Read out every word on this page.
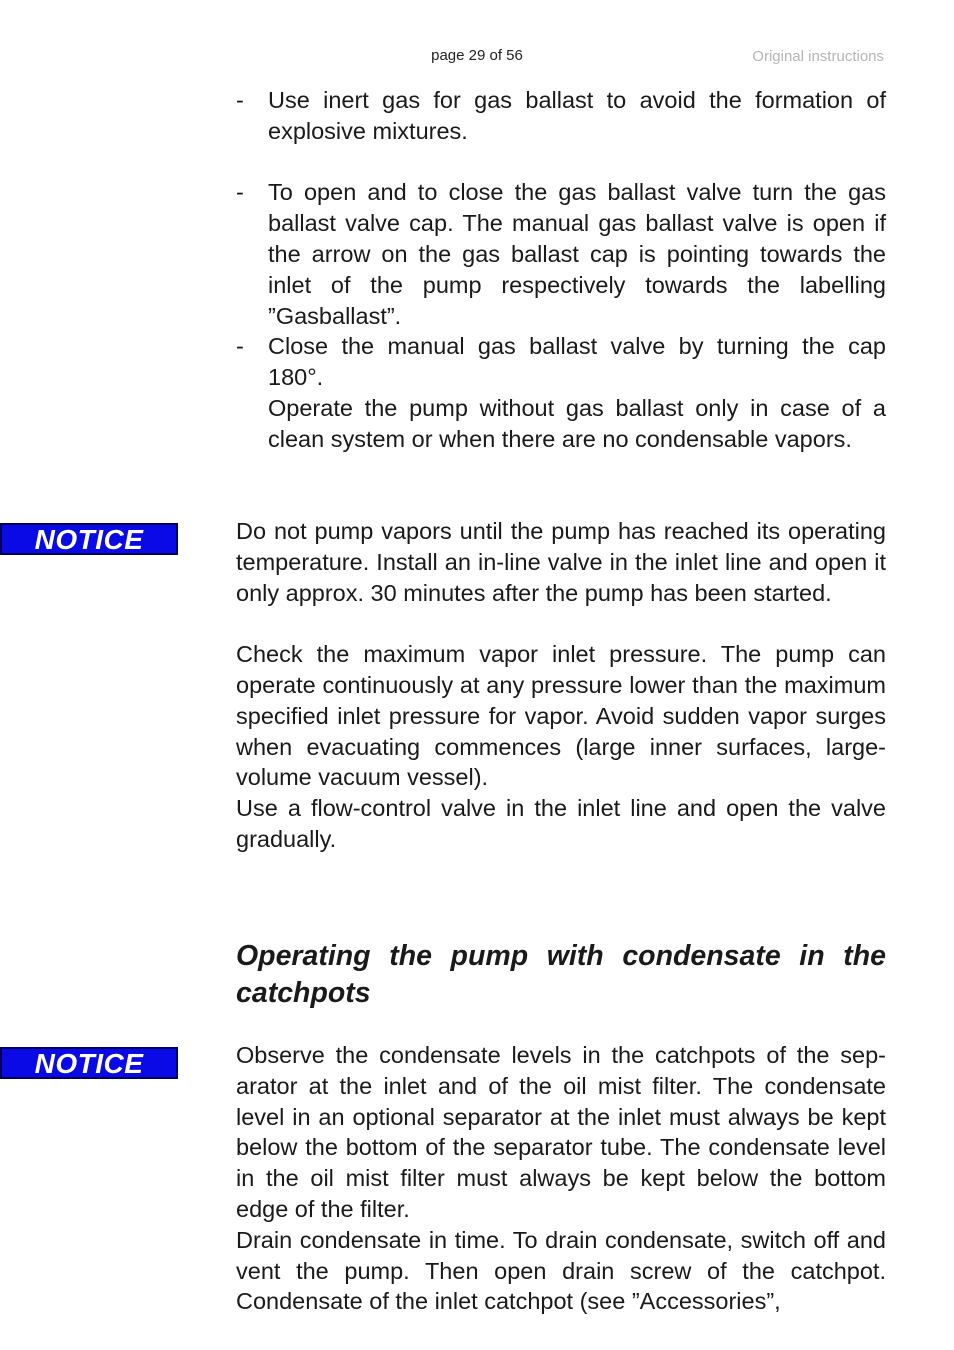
page 29 of 56	Original instructions
- Use inert gas for gas ballast to avoid the formation of explosive mixtures.

- To open and to close the gas ballast valve turn the gas ballast valve cap. The manual gas ballast valve is open if the arrow on the gas ballast cap is pointing towards the inlet of the pump respectively towards the labelling ”Gasballast”.

- Close the manual gas ballast valve by turning the cap 180°.

Operate the pump without gas ballast only in case of a clean system or when there are no condensable vapors.

NOTICE	Do not pump vapors until the pump has reached its operating temperature. Install an in-line valve in the inlet line and open it only approx. 30 minutes after the pump has been started.

Check the maximum vapor inlet pressure. The pump can operate continuously at any pressure lower than the maximum specified inlet pressure for vapor. Avoid sudden vapor surges when evacuating commences (large inner surfaces, large-volume vacuum vessel).

Use a flow-control valve in the inlet line and open the valve gradually.

Operating the pump with condensate in the catchpots
NOTICE	Observe the condensate levels in the catchpots of the separator at the inlet and of the oil mist filter. The condensate level in an optional separator at the inlet must always be kept below the bottom of the separator tube. The condensate level in the oil mist filter must always be kept below the bottom edge of the filter.

Drain condensate in time. To drain condensate, switch off and vent the pump. Then open drain screw of the catchpot. Condensate of the inlet catchpot (see ”Accessories”,
